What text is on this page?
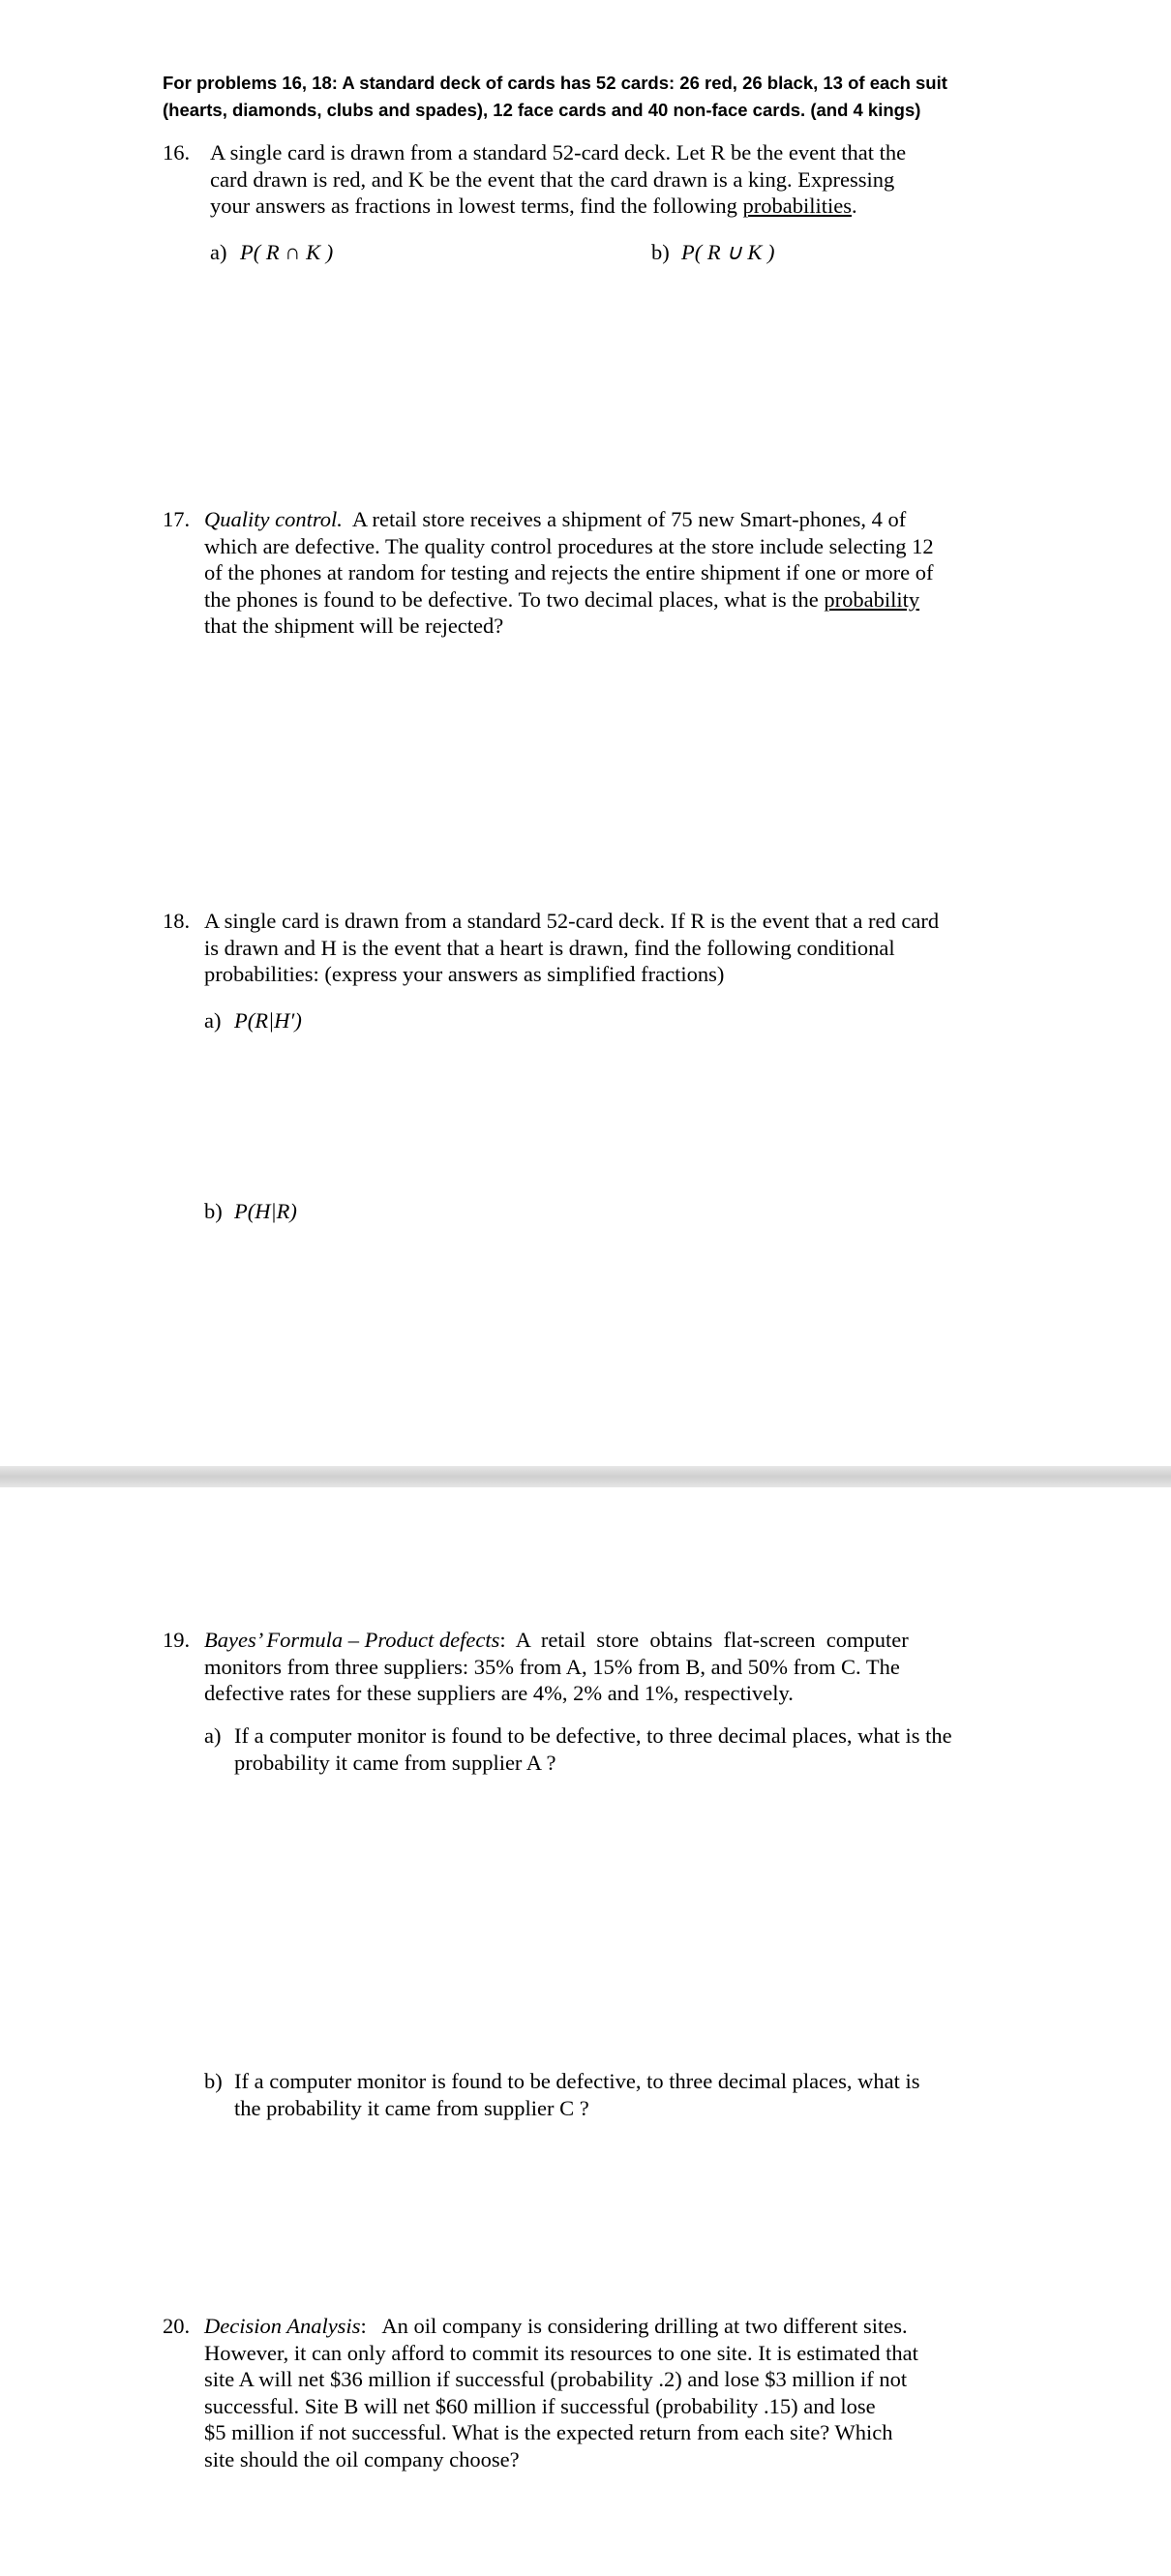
For problems 16, 18: A standard deck of cards has 52 cards: 26 red, 26 black, 13 of each suit
(hearts, diamonds, clubs and spades), 12 face cards and 40 non-face cards. (and 4 kings)
16. A single card is drawn from a standard 52-card deck. Let R be the event that the
card drawn is red, and K be the event that the card drawn is a king. Expressing
your answers as fractions in lowest terms, find the following probabilities.
a) P( R ∩ K )	b) P( R ∪ K )
17. Quality control.  A retail store receives a shipment of 75 new Smart-phones, 4 of
which are defective. The quality control procedures at the store include selecting 12
of the phones at random for testing and rejects the entire shipment if one or more of
the phones is found to be defective. To two decimal places, what is the probability
that the shipment will be rejected?
18. A single card is drawn from a standard 52-card deck. If R is the event that a red card
is drawn and H is the event that a heart is drawn, find the following conditional
probabilities: (express your answers as simplified fractions)
a) P(R|H′)
b) P(H|R)
19. Bayes’ Formula – Product defects:  A  retail  store  obtains  flat-screen  computer
monitors from three suppliers: 35% from A, 15% from B, and 50% from C. The
defective rates for these suppliers are 4%, 2% and 1%, respectively.
a) If a computer monitor is found to be defective, to three decimal places, what is the
probability it came from supplier A ?
b) If a computer monitor is found to be defective, to three decimal places, what is
the probability it came from supplier C ?
20. Decision Analysis:   An oil company is considering drilling at two different sites.
However, it can only afford to commit its resources to one site. It is estimated that
site A will net $36 million if successful (probability .2) and lose $3 million if not
successful. Site B will net $60 million if successful (probability .15) and lose
$5 million if not successful. What is the expected return from each site? Which
site should the oil company choose?
